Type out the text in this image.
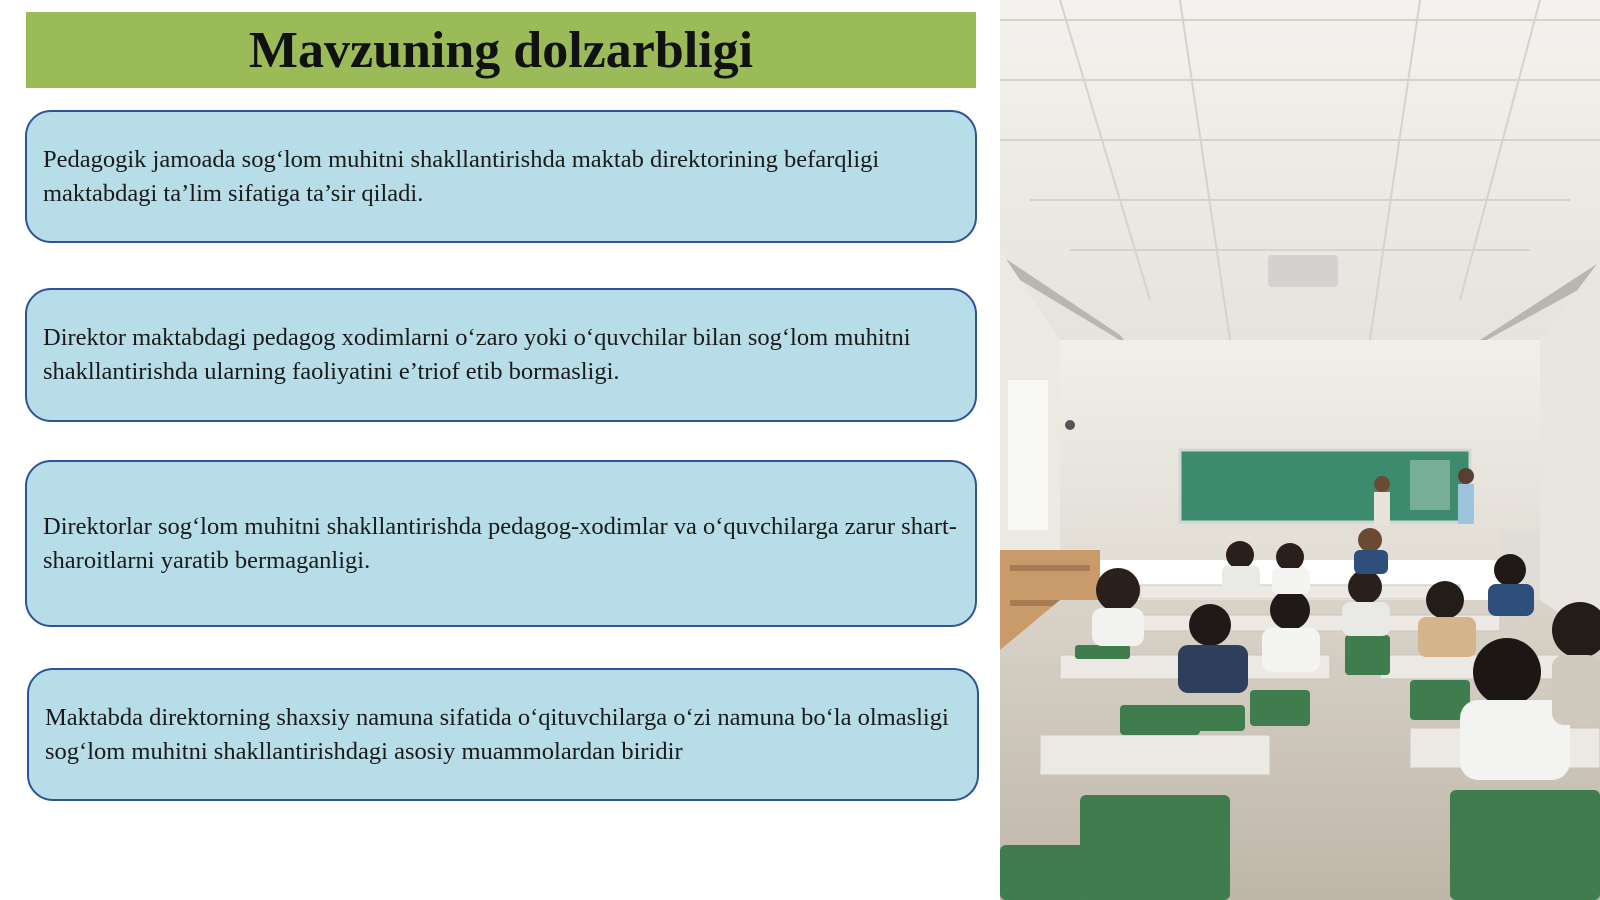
Mavzuning dolzarbligi

Pedagogik jamoada sog‘lom muhitni shakllantirishda maktab direktorining befarqligi maktabdagi ta’lim sifatiga ta’sir qiladi.

Direktor maktabdagi pedagog xodimlarni o‘zaro yoki o‘quvchilar bilan sog‘lom muhitni shakllantirishda ularning faoliyatini e’triof etib bormasligi.

Direktorlar sog‘lom muhitni shakllantirishda pedagog-xodimlar va o‘quvchilarga zarur shart-sharoitlarni yaratib bermaganligi.

Maktabda direktorning shaxsiy namuna sifatida o‘qituvchilarga o‘zi namuna bo‘la olmasligi sog‘lom muhitni shakllantirishdagi asosiy muammolardan biridir
